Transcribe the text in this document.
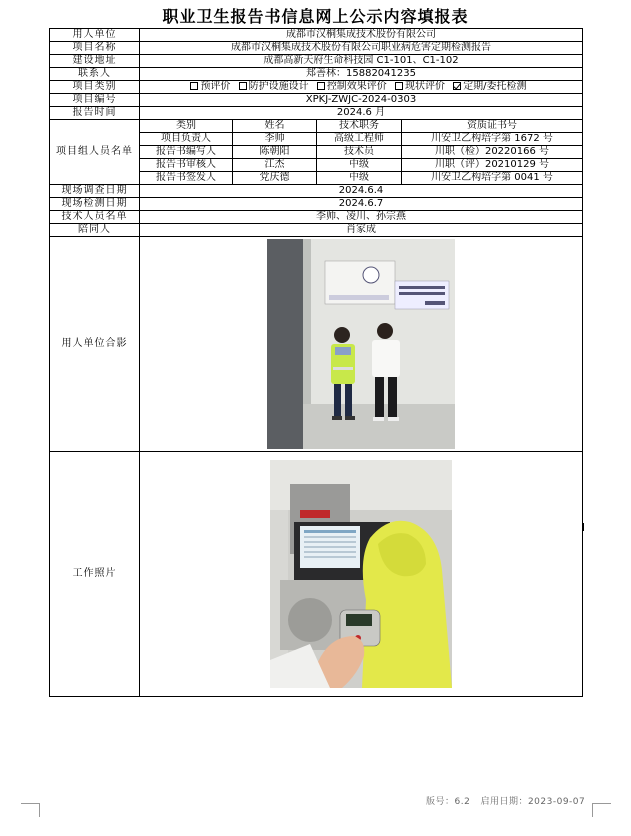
职业卫生报告书信息网上公示内容填报表
用人单位	成都市汉桐集成技术股份有限公司			
项目名称	成都市汉桐集成技术股份有限公司职业病危害定期检测报告			
建设地址	成都高新天府生命科技园 C1-101、C1-102			
联系人	郑善林：15882041235			
项目类别	预评价 防护设施设计 控制效果评价 现状评价 定期/委托检测			
项目编号	XPKJ-ZWJC-2024-0303			
报告时间	2024.6 月			
项目组人员名单	类别	姓名	技术职务	资质证书号
	项目负责人	李帅	高级工程师	川安卫乙构培字第 1672 号
	报告书编写人	陈朝阳	技术员	川职（检）20220166 号
	报告书审核人	江杰	中级	川职（评）20210129 号
	报告书签发人	党庆德	中级	川安卫乙构培字第 0041 号
现场调查日期	2024.6.4			
现场检测日期	2024.6.7			
技术人员名单	李帅、凌川、孙宗燕			
陪同人	肖家成			
用人单位合影	

工作照片	
版号：6.2 启用日期：2023-09-07
